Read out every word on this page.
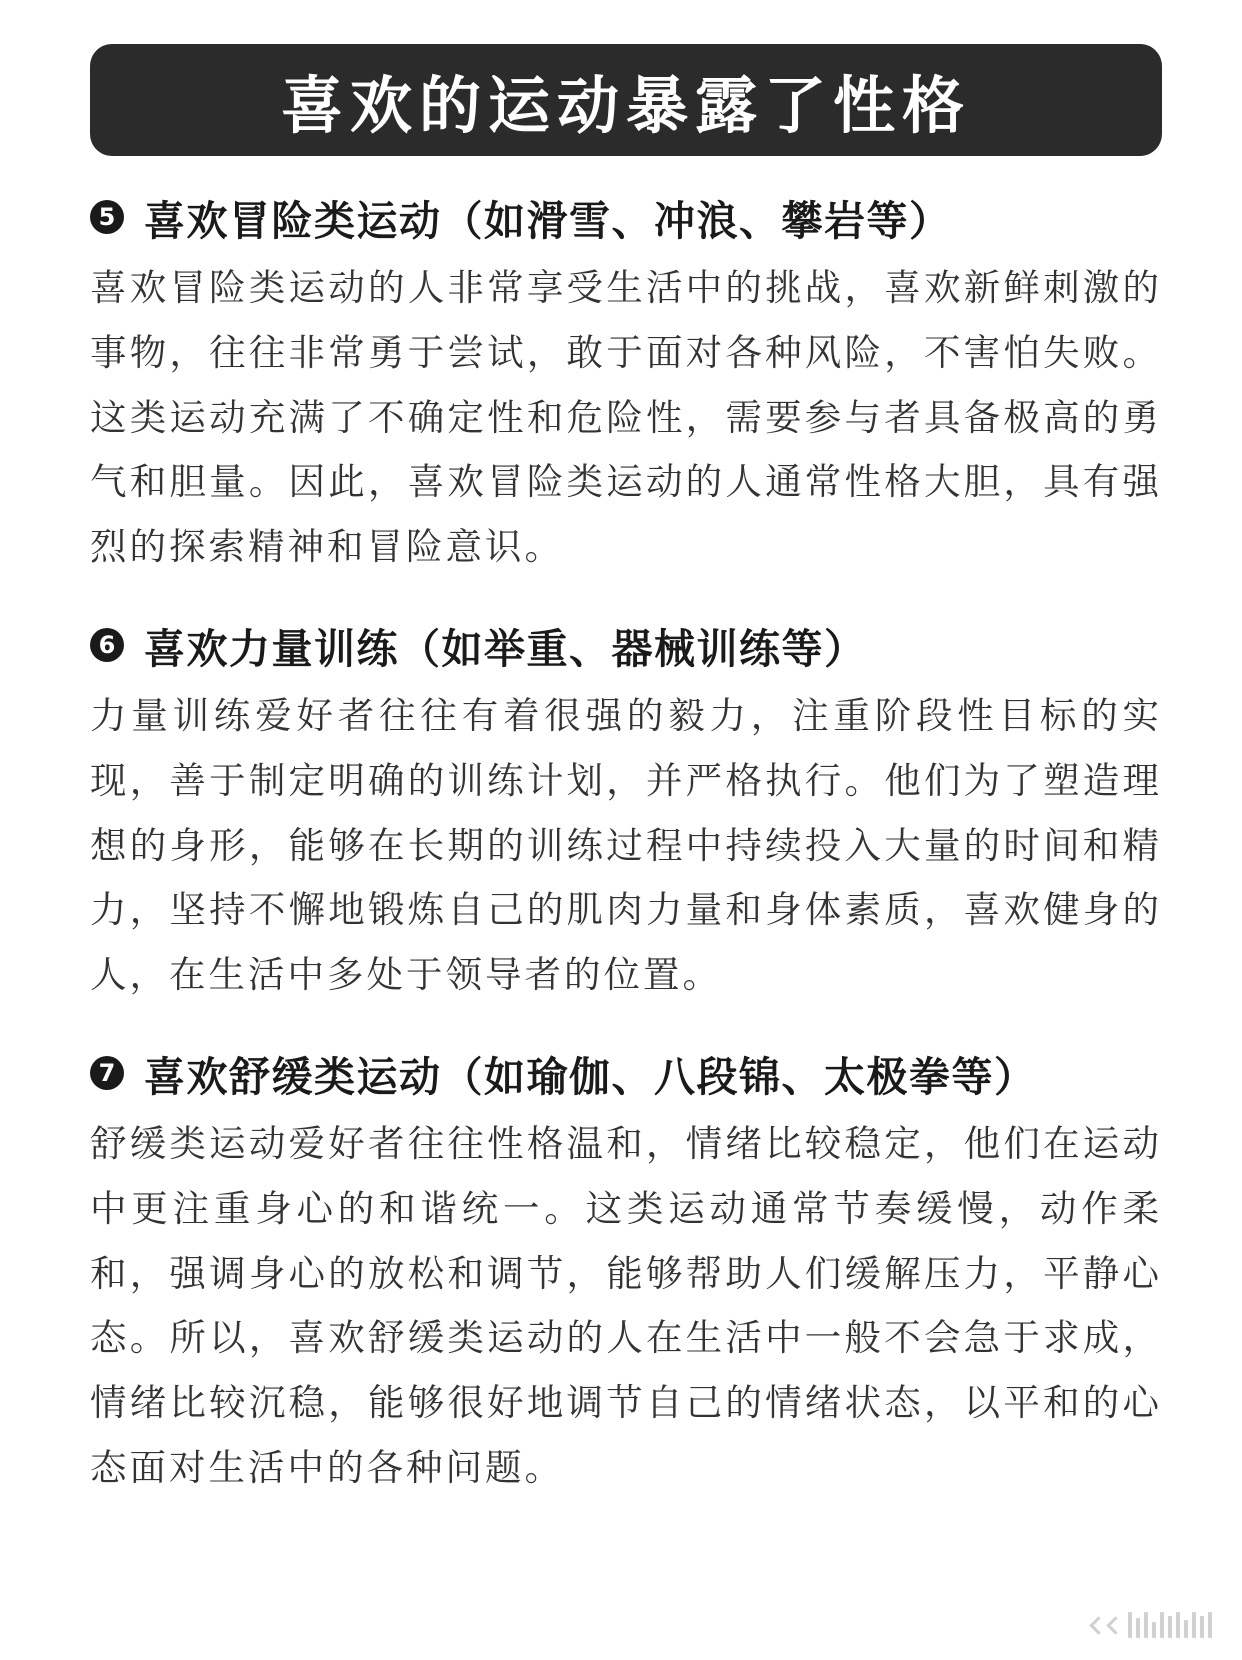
喜欢的运动暴露了性格
5 喜欢冒险类运动（如滑雪、冲浪、攀岩等）
喜欢冒险类运动的人非常享受生活中的挑战，喜欢新鲜刺激的事物，往往非常勇于尝试，敢于面对各种风险，不害怕失败。这类运动充满了不确定性和危险性，需要参与者具备极高的勇气和胆量。因此，喜欢冒险类运动的人通常性格大胆，具有强烈的探索精神和冒险意识。
6 喜欢力量训练（如举重、器械训练等）
力量训练爱好者往往有着很强的毅力，注重阶段性目标的实现，善于制定明确的训练计划，并严格执行。他们为了塑造理想的身形，能够在长期的训练过程中持续投入大量的时间和精力，坚持不懈地锻炼自己的肌肉力量和身体素质，喜欢健身的人，在生活中多处于领导者的位置。
7 喜欢舒缓类运动（如瑜伽、八段锦、太极拳等）
舒缓类运动爱好者往往性格温和，情绪比较稳定，他们在运动中更注重身心的和谐统一。这类运动通常节奏缓慢，动作柔和，强调身心的放松和调节，能够帮助人们缓解压力，平静心态。所以，喜欢舒缓类运动的人在生活中一般不会急于求成，情绪比较沉稳，能够很好地调节自己的情绪状态，以平和的心态面对生活中的各种问题。
